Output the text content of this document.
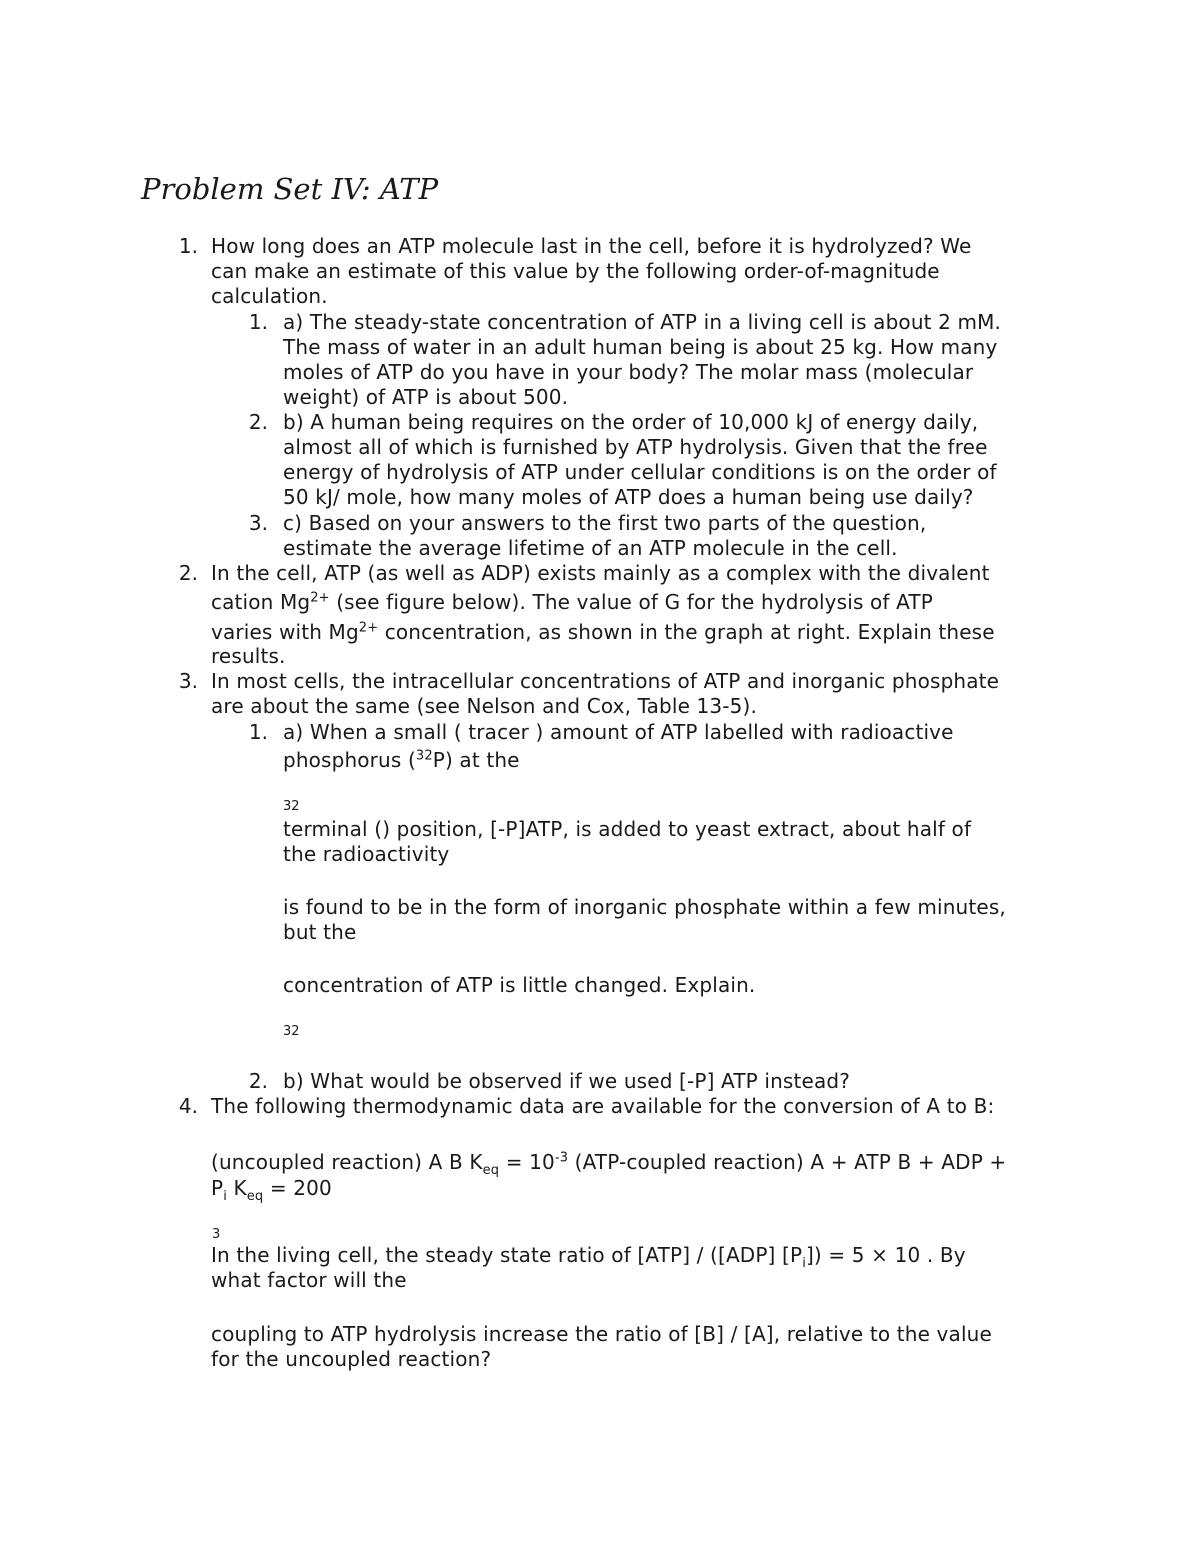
Problem Set IV: ATP
1. How long does an ATP molecule last in the cell, before it is hydrolyzed? We
can make an estimate of this value by the following order-of-magnitude
calculation.
1. a) The steady-state concentration of ATP in a living cell is about 2 mM.
The mass of water in an adult human being is about 25 kg. How many
moles of ATP do you have in your body? The molar mass (molecular
weight) of ATP is about 500.
2. b) A human being requires on the order of 10,000 kJ of energy daily,
almost all of which is furnished by ATP hydrolysis. Given that the free
energy of hydrolysis of ATP under cellular conditions is on the order of
50 kJ/ mole, how many moles of ATP does a human being use daily?
3. c) Based on your answers to the first two parts of the question,
estimate the average lifetime of an ATP molecule in the cell.
2. In the cell, ATP (as well as ADP) exists mainly as a complex with the divalent
cation $Mg^{2+}$ (see figure below). The value of G for the hydrolysis of ATP
varies with $Mg^{2+}$ concentration, as shown in the graph at right. Explain these
results.
3. In most cells, the intracellular concentrations of ATP and inorganic phosphate
are about the same (see Nelson and Cox, Table 13-5).
1. a) When a small ( tracer ) amount of ATP labelled with radioactive
phosphorus ($^{32}$P) at the
32
terminal () position, [-P]ATP, is added to yeast extract, about half of
the radioactivity
is found to be in the form of inorganic phosphate within a few minutes,
but the
concentration of ATP is little changed. Explain.
32
2. b) What would be observed if we used [-P] ATP instead?
4. The following thermodynamic data are available for the conversion of A to B:
(uncoupled reaction) A B $K_{eq} = 10^{-3}$ (ATP-coupled reaction) A + ATP B + ADP +
$P_i$ $K_{eq} = 200$
3
In the living cell, the steady state ratio of [ATP] / ([ADP] $[P_i]) = 5 \times 10$ . By
what factor will the
coupling to ATP hydrolysis increase the ratio of [B] / [A], relative to the value
for the uncoupled reaction?
